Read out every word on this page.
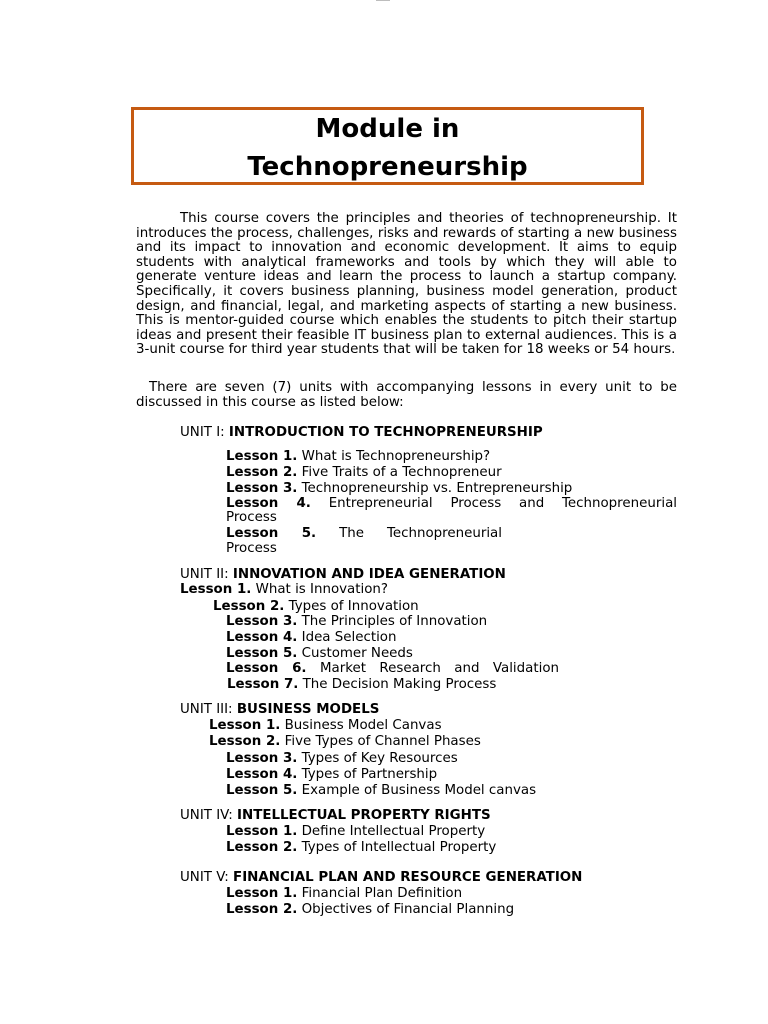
Module in
Technopreneurship

This course covers the principles and theories of technopreneurship. It introduces the process, challenges, risks and rewards of starting a new business and its impact to innovation and economic development. It aims to equip students with analytical frameworks and tools by which they will able to generate venture ideas and learn the process to launch a startup company. Specifically, it covers business planning, business model generation, product design, and financial, legal, and marketing aspects of starting a new business. This is mentor-guided course which enables the students to pitch their startup ideas and present their feasible IT business plan to external audiences. This is a 3-unit course for third year students that will be taken for 18 weeks or 54 hours.

There are seven (7) units with accompanying lessons in every unit to be discussed in this course as listed below:

UNIT I: INTRODUCTION TO TECHNOPRENEURSHIP
Lesson 1. What is Technopreneurship?
Lesson 2. Five Traits of a Technopreneur
Lesson 3. Technopreneurship vs. Entrepreneurship
Lesson 4. Entrepreneurial Process and Technopreneurial
Process
Lesson 5. The Technopreneurial
Process
UNIT II: INNOVATION AND IDEA GENERATION
Lesson 1. What is Innovation?
Lesson 2. Types of Innovation
Lesson 3. The Principles of Innovation
Lesson 4. Idea Selection
Lesson 5. Customer Needs
Lesson 6. Market Research and Validation
Lesson 7. The Decision Making Process
UNIT III: BUSINESS MODELS
Lesson 1. Business Model Canvas
Lesson 2. Five Types of Channel Phases
Lesson 3. Types of Key Resources
Lesson 4. Types of Partnership
Lesson 5. Example of Business Model canvas
UNIT IV: INTELLECTUAL PROPERTY RIGHTS
Lesson 1. Define Intellectual Property
Lesson 2. Types of Intellectual Property
UNIT V: FINANCIAL PLAN AND RESOURCE GENERATION
Lesson 1. Financial Plan Definition
Lesson 2. Objectives of Financial Planning
